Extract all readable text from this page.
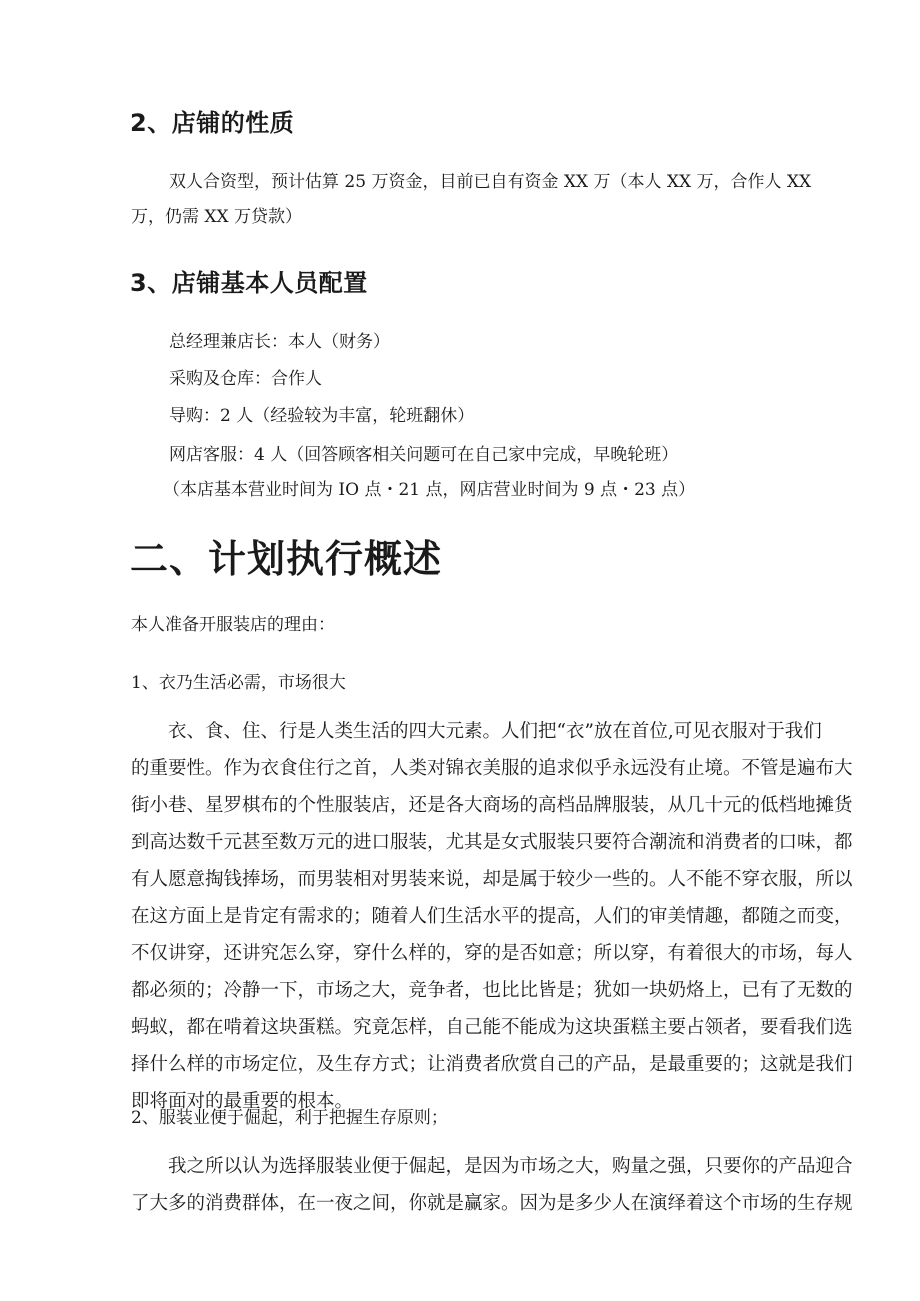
2、店铺的性质
双人合资型，预计估算 25 万资金，目前已自有资金 XX 万（本人 XX 万，合作人 XX
万，仍需 XX 万贷款）
3、店铺基本人员配置
总经理兼店长：本人（财务）
采购及仓库：合作人
导购：2 人（经验较为丰富，轮班翻休）
网店客服：4 人（回答顾客相关问题可在自己家中完成，早晚轮班）
（本店基本营业时间为 IO 点・21 点，网店营业时间为 9 点・23 点）
二、计划执行概述
本人准备开服装店的理由：
1、衣乃生活必需，市场很大
衣、食、住、行是人类生活的四大元素。人们把“衣”放在首位,可见衣服对于我们
的重要性。作为衣食住行之首，人类对锦衣美服的追求似乎永远没有止境。不管是遍布大
街小巷、星罗棋布的个性服装店，还是各大商场的高档品牌服装，从几十元的低档地摊货
到高达数千元甚至数万元的进口服装，尤其是女式服装只要符合潮流和消费者的口味，都
有人愿意掏钱捧场，而男装相对男装来说，却是属于较少一些的。人不能不穿衣服，所以
在这方面上是肯定有需求的；随着人们生活水平的提高，人们的审美情趣，都随之而变，
不仅讲穿，还讲究怎么穿，穿什么样的，穿的是否如意；所以穿，有着很大的市场，每人
都必须的；冷静一下，市场之大，竞争者，也比比皆是；犹如一块奶烙上，已有了无数的
蚂蚁，都在啃着这块蛋糕。究竟怎样，自己能不能成为这块蛋糕主要占领者，要看我们选
择什么样的市场定位，及生存方式；让消费者欣赏自己的产品，是最重要的；这就是我们
即将面对的最重要的根本。
2、服装业便于倔起，利于把握生存原则；
我之所以认为选择服装业便于倔起，是因为市场之大，购量之强，只要你的产品迎合
了大多的消费群体，在一夜之间，你就是赢家。因为是多少人在演绎着这个市场的生存规
